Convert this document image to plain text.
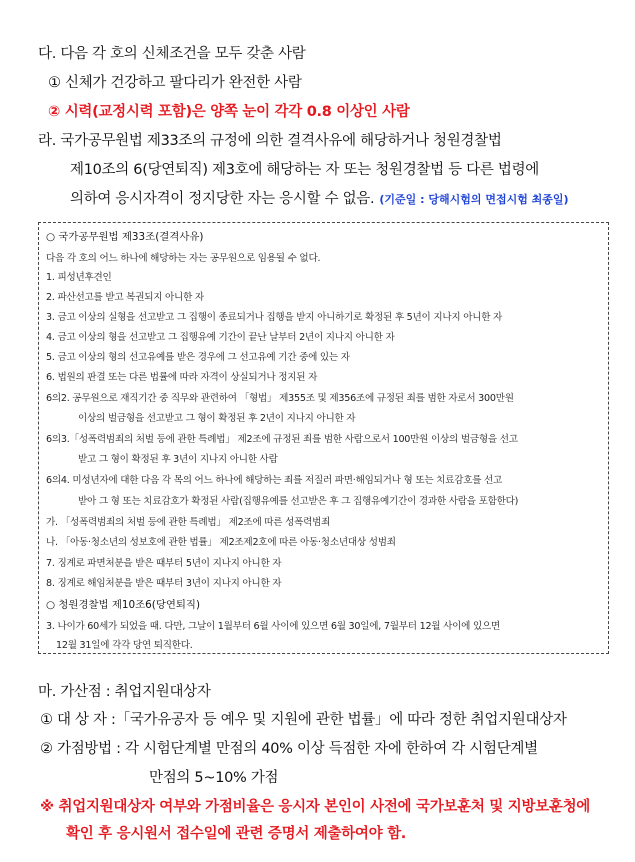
다. 다음 각 호의 신체조건을 모두 갖춘 사람
① 신체가 건강하고 팔다리가 완전한 사람
② 시력(교정시력 포함)은 양쪽 눈이 각각 0.8 이상인 사람
라. 국가공무원법 제33조의 규정에 의한 결격사유에 해당하거나 청원경찰법
제10조의 6(당연퇴직) 제3호에 해당하는 자 또는 청원경찰법 등 다른 법령에
의하여 응시자격이 정지당한 자는 응시할 수 없음. (기준일 : 당해시험의 면접시험 최종일)
○ 국가공무원법 제33조(결격사유)
다음 각 호의 어느 하나에 해당하는 자는 공무원으로 임용될 수 없다.
1. 피성년후견인
2. 파산선고를 받고 복권되지 아니한 자
3. 금고 이상의 실형을 선고받고 그 집행이 종료되거나 집행을 받지 아니하기로 확정된 후 5년이 지나지 아니한 자
4. 금고 이상의 형을 선고받고 그 집행유예 기간이 끝난 날부터 2년이 지나지 아니한 자
5. 금고 이상의 형의 선고유예를 받은 경우에 그 선고유예 기간 중에 있는 자
6. 법원의 판결 또는 다른 법률에 따라 자격이 상실되거나 정지된 자
6의2. 공무원으로 재직기간 중 직무와 관련하여 「형법」 제355조 및 제356조에 규정된 죄를 범한 자로서 300만원
이상의 벌금형을 선고받고 그 형이 확정된 후 2년이 지나지 아니한 자
6의3.「성폭력범죄의 처벌 등에 관한 특례법」 제2조에 규정된 죄를 범한 사람으로서 100만원 이상의 벌금형을 선고
받고 그 형이 확정된 후 3년이 지나지 아니한 사람
6의4. 미성년자에 대한 다음 각 목의 어느 하나에 해당하는 죄를 저질러 파면·해임되거나 형 또는 치료감호를 선고
받아 그 형 또는 치료감호가 확정된 사람(집행유예를 선고받은 후 그 집행유예기간이 경과한 사람을 포함한다)
가. 「성폭력범죄의 처벌 등에 관한 특례법」 제2조에 따른 성폭력범죄
나. 「아동·청소년의 성보호에 관한 법률」 제2조제2호에 따른 아동·청소년대상 성범죄
7. 징계로 파면처분을 받은 때부터 5년이 지나지 아니한 자
8. 징계로 해임처분을 받은 때부터 3년이 지나지 아니한 자
○ 청원경찰법 제10조6(당연퇴직)
3. 나이가 60세가 되었을 때. 다만, 그날이 1월부터 6월 사이에 있으면 6월 30일에, 7월부터 12월 사이에 있으면
12월 31일에 각각 당연 퇴직한다.
마. 가산점 : 취업지원대상자
① 대 상 자 :「국가유공자 등 예우 및 지원에 관한 법률」에 따라 정한 취업지원대상자
② 가점방법 : 각 시험단계별 만점의 40% 이상 득점한 자에 한하여 각 시험단계별
만점의 5~10% 가점
※ 취업지원대상자 여부와 가점비율은 응시자 본인이 사전에 국가보훈처 및 지방보훈청에
확인 후 응시원서 접수일에 관련 증명서 제출하여야 함.
